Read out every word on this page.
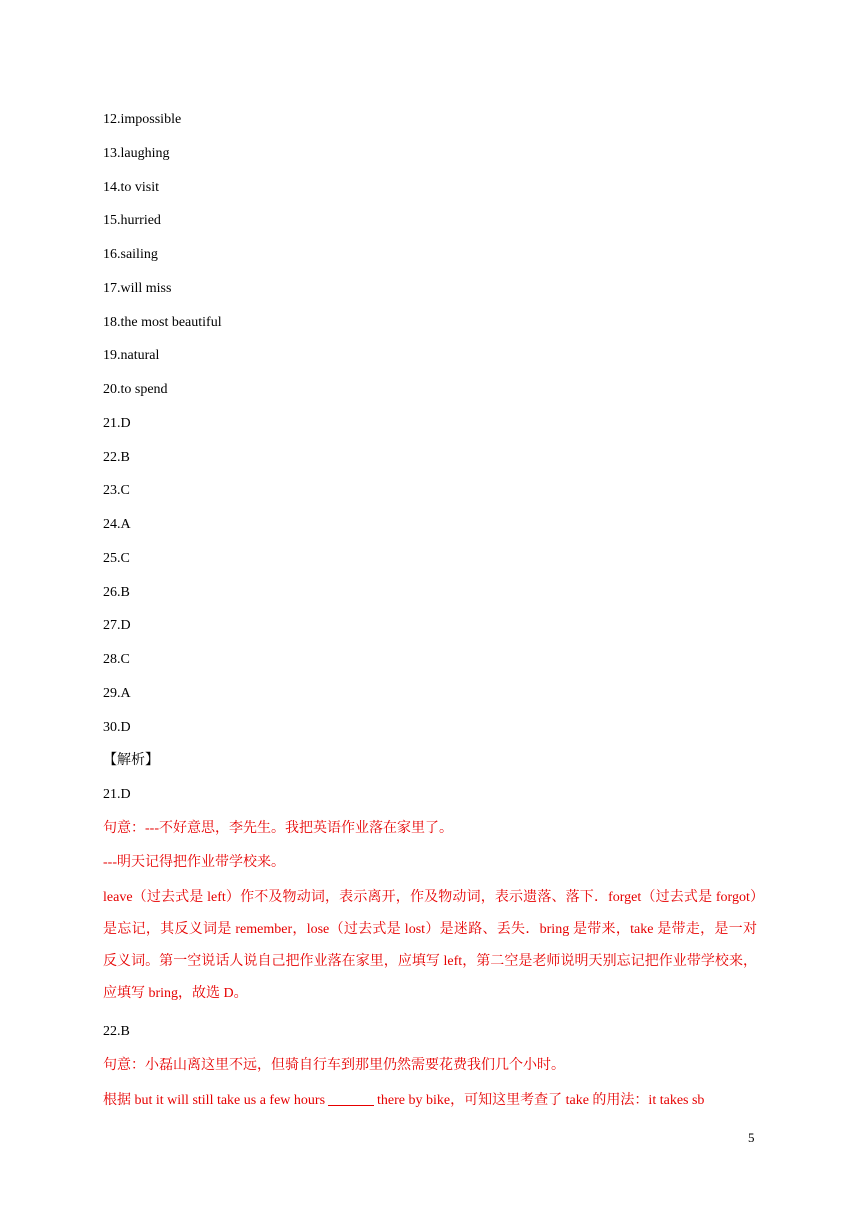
12.impossible
13.laughing
14.to visit
15.hurried
16.sailing
17.will miss
18.the most beautiful
19.natural
20.to spend
21.D
22.B
23.C
24.A
25.C
26.B
27.D
28.C
29.A
30.D
【解析】
21.D
句意：---不好意思，李先生。我把英语作业落在家里了。
---明天记得把作业带学校来。
leave（过去式是 left）作不及物动词，表示离开，作及物动词，表示遗落、落下．forget（过去式是 forgot）是忘记，其反义词是 remember，lose（过去式是 lost）是迷路、丢失．bring 是带来，take 是带走，是一对反义词。第一空说话人说自己把作业落在家里，应填写 left，第二空是老师说明天别忘记把作业带学校来，应填写 bring，故选 D。
22.B
句意：小磊山离这里不远，但骑自行车到那里仍然需要花费我们几个小时。
根据 but it will still take us a few hours	there by bike，可知这里考查了 take 的用法：it takes sb
5
